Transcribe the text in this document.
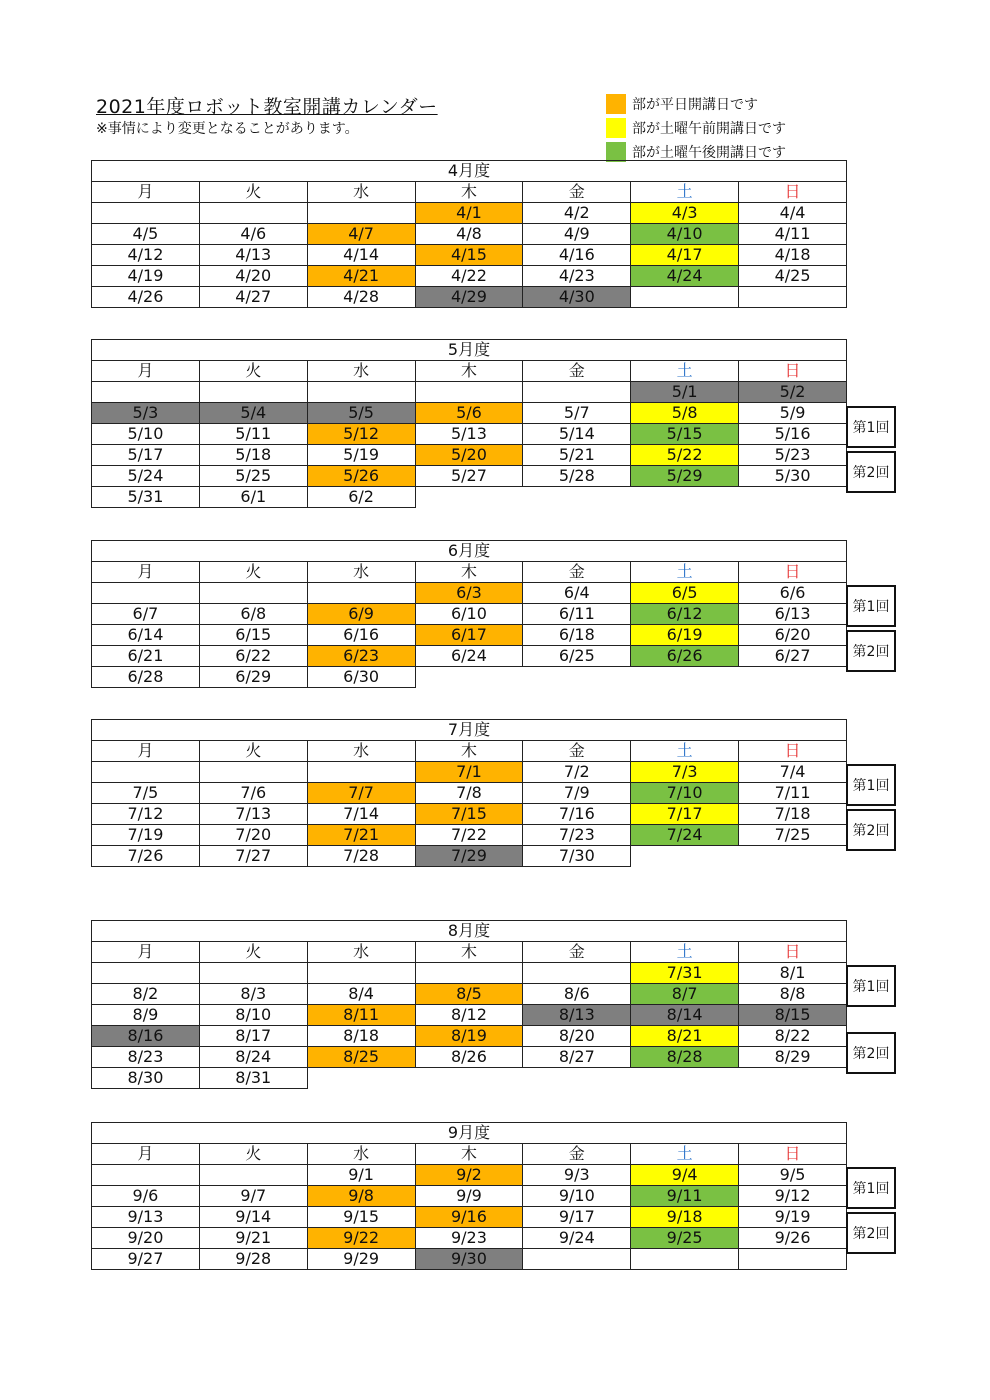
2021年度ロボット教室開講カレンダー
※事情により変更となることがあります。
部が平日開講日です
部が土曜午前開講日です
部が土曜午後開講日です
4月度						
月	火	水	木	金	土	日
			4/1	4/2	4/3	4/4
4/5	4/6	4/7	4/8	4/9	4/10	4/11
4/12	4/13	4/14	4/15	4/16	4/17	4/18
4/19	4/20	4/21	4/22	4/23	4/24	4/25
4/26	4/27	4/28	4/29	4/30		
5月度						
月	火	水	木	金	土	日
					5/1	5/2
5/3	5/4	5/5	5/6	5/7	5/8	5/9
5/10	5/11	5/12	5/13	5/14	5/15	5/16
5/17	5/18	5/19	5/20	5/21	5/22	5/23
5/24	5/25	5/26	5/27	5/28	5/29	5/30
5/31	6/1	6/2				
6月度						
月	火	水	木	金	土	日
			6/3	6/4	6/5	6/6
6/7	6/8	6/9	6/10	6/11	6/12	6/13
6/14	6/15	6/16	6/17	6/18	6/19	6/20
6/21	6/22	6/23	6/24	6/25	6/26	6/27
6/28	6/29	6/30				
7月度						
月	火	水	木	金	土	日
			7/1	7/2	7/3	7/4
7/5	7/6	7/7	7/8	7/9	7/10	7/11
7/12	7/13	7/14	7/15	7/16	7/17	7/18
7/19	7/20	7/21	7/22	7/23	7/24	7/25
7/26	7/27	7/28	7/29	7/30		
8月度						
月	火	水	木	金	土	日
					7/31	8/1
8/2	8/3	8/4	8/5	8/6	8/7	8/8
8/9	8/10	8/11	8/12	8/13	8/14	8/15
8/16	8/17	8/18	8/19	8/20	8/21	8/22
8/23	8/24	8/25	8/26	8/27	8/28	8/29
8/30	8/31					
9月度						
月	火	水	木	金	土	日
		9/1	9/2	9/3	9/4	9/5
9/6	9/7	9/8	9/9	9/10	9/11	9/12
9/13	9/14	9/15	9/16	9/17	9/18	9/19
9/20	9/21	9/22	9/23	9/24	9/25	9/26
9/27	9/28	9/29	9/30			
第1回
第2回
第1回
第2回
第1回
第2回
第1回
第2回
第1回
第2回
